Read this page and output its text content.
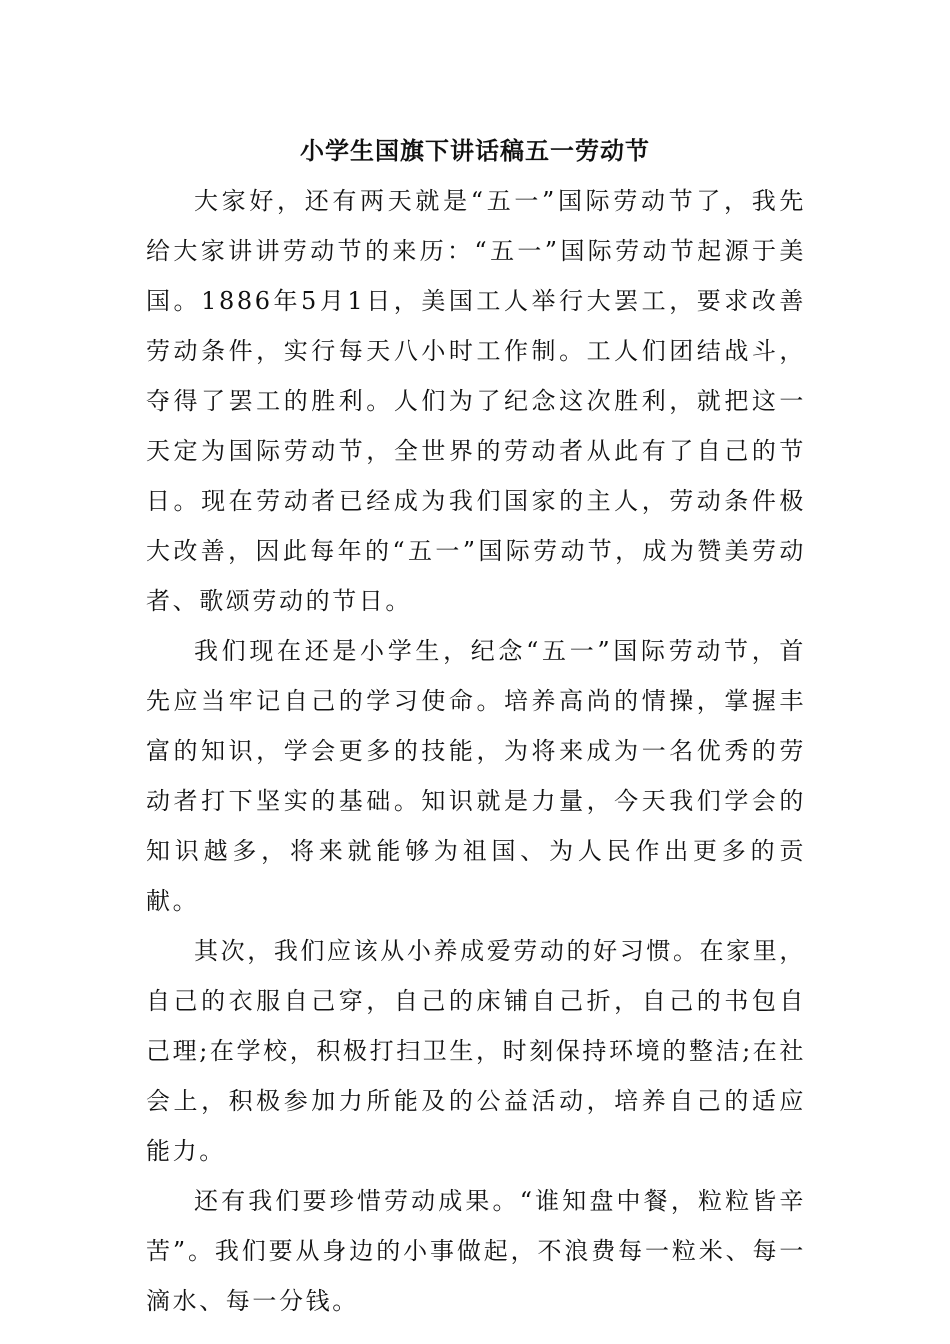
小学生国旗下讲话稿五一劳动节

大家好，还有两天就是“五一”国际劳动节了，我先给大家讲讲劳动节的来历：“五一”国际劳动节起源于美国。1886年5月1日，美国工人举行大罢工，要求改善劳动条件，实行每天八小时工作制。工人们团结战斗，夺得了罢工的胜利。人们为了纪念这次胜利，就把这一天定为国际劳动节，全世界的劳动者从此有了自己的节日。现在劳动者已经成为我们国家的主人，劳动条件极大改善，因此每年的“五一”国际劳动节，成为赞美劳动者、歌颂劳动的节日。

我们现在还是小学生，纪念“五一”国际劳动节，首先应当牢记自己的学习使命。培养高尚的情操，掌握丰富的知识，学会更多的技能，为将来成为一名优秀的劳动者打下坚实的基础。知识就是力量，今天我们学会的知识越多，将来就能够为祖国、为人民作出更多的贡献。

其次，我们应该从小养成爱劳动的好习惯。在家里，自己的衣服自己穿，自己的床铺自己折，自己的书包自己理;在学校，积极打扫卫生，时刻保持环境的整洁;在社会上，积极参加力所能及的公益活动，培养自己的适应能力。

还有我们要珍惜劳动成果。“谁知盘中餐，粒粒皆辛苦”。我们要从身边的小事做起，不浪费每一粒米、每一滴水、每一分钱。
